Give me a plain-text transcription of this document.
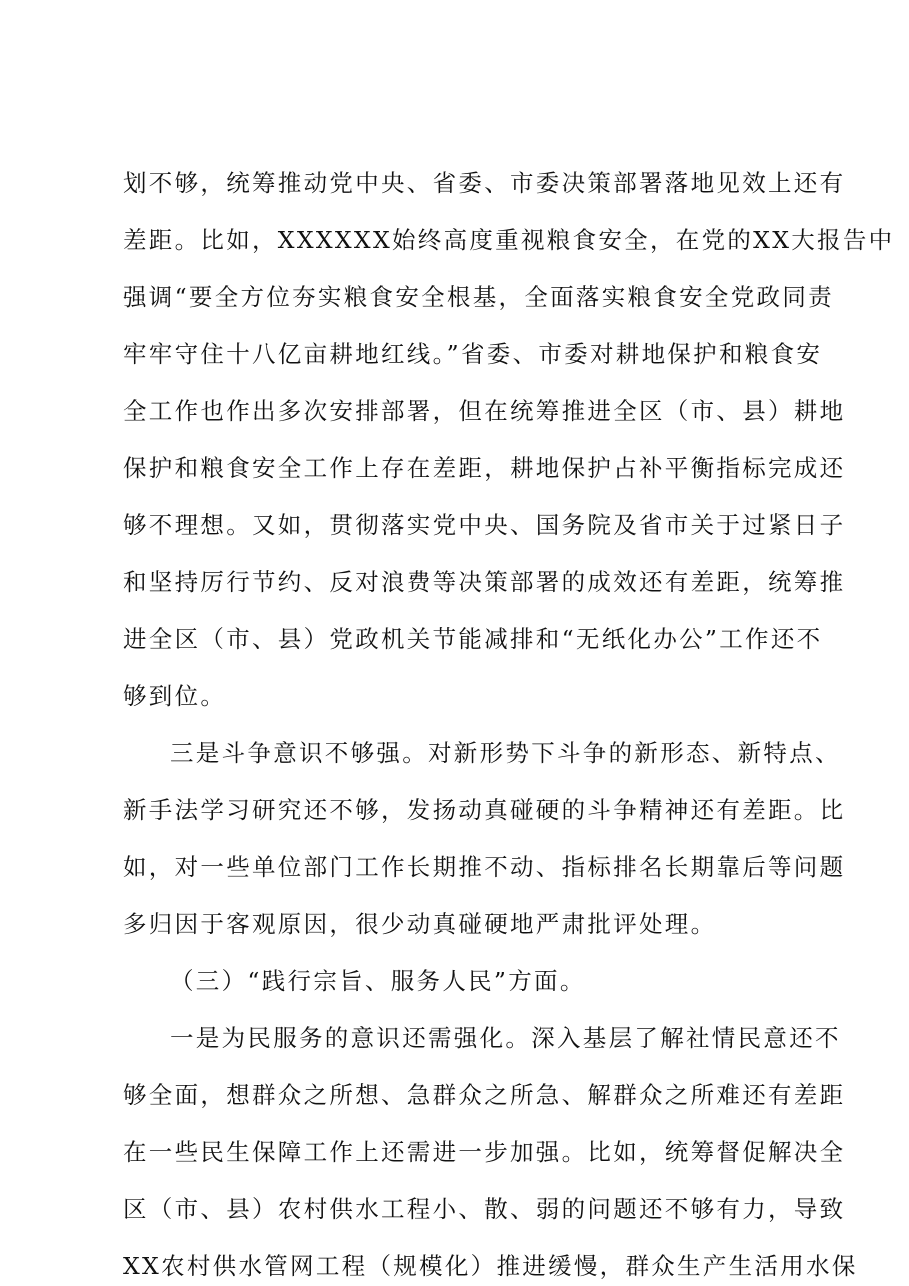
划不够，统筹推动党中央、省委、市委决策部署落地见效上还有
差距。比如，XXXXXX始终高度重视粮食安全，在党的XX大报告中
强调“要全方位夯实粮食安全根基，全面落实粮食安全党政同责
牢牢守住十八亿亩耕地红线。”省委、市委对耕地保护和粮食安
全工作也作出多次安排部署，但在统筹推进全区（市、县）耕地
保护和粮食安全工作上存在差距，耕地保护占补平衡指标完成还
够不理想。又如，贯彻落实党中央、国务院及省市关于过紧日子
和坚持厉行节约、反对浪费等决策部署的成效还有差距，统筹推
进全区（市、县）党政机关节能减排和“无纸化办公”工作还不
够到位。
三是斗争意识不够强。对新形势下斗争的新形态、新特点、
新手法学习研究还不够，发扬动真碰硬的斗争精神还有差距。比
如，对一些单位部门工作长期推不动、指标排名长期靠后等问题
多归因于客观原因，很少动真碰硬地严肃批评处理。
（三）“践行宗旨、服务人民”方面。
一是为民服务的意识还需强化。深入基层了解社情民意还不
够全面，想群众之所想、急群众之所急、解群众之所难还有差距
在一些民生保障工作上还需进一步加强。比如，统筹督促解决全
区（市、县）农村供水工程小、散、弱的问题还不够有力，导致
XX农村供水管网工程（规模化）推进缓慢，群众生产生活用水保
